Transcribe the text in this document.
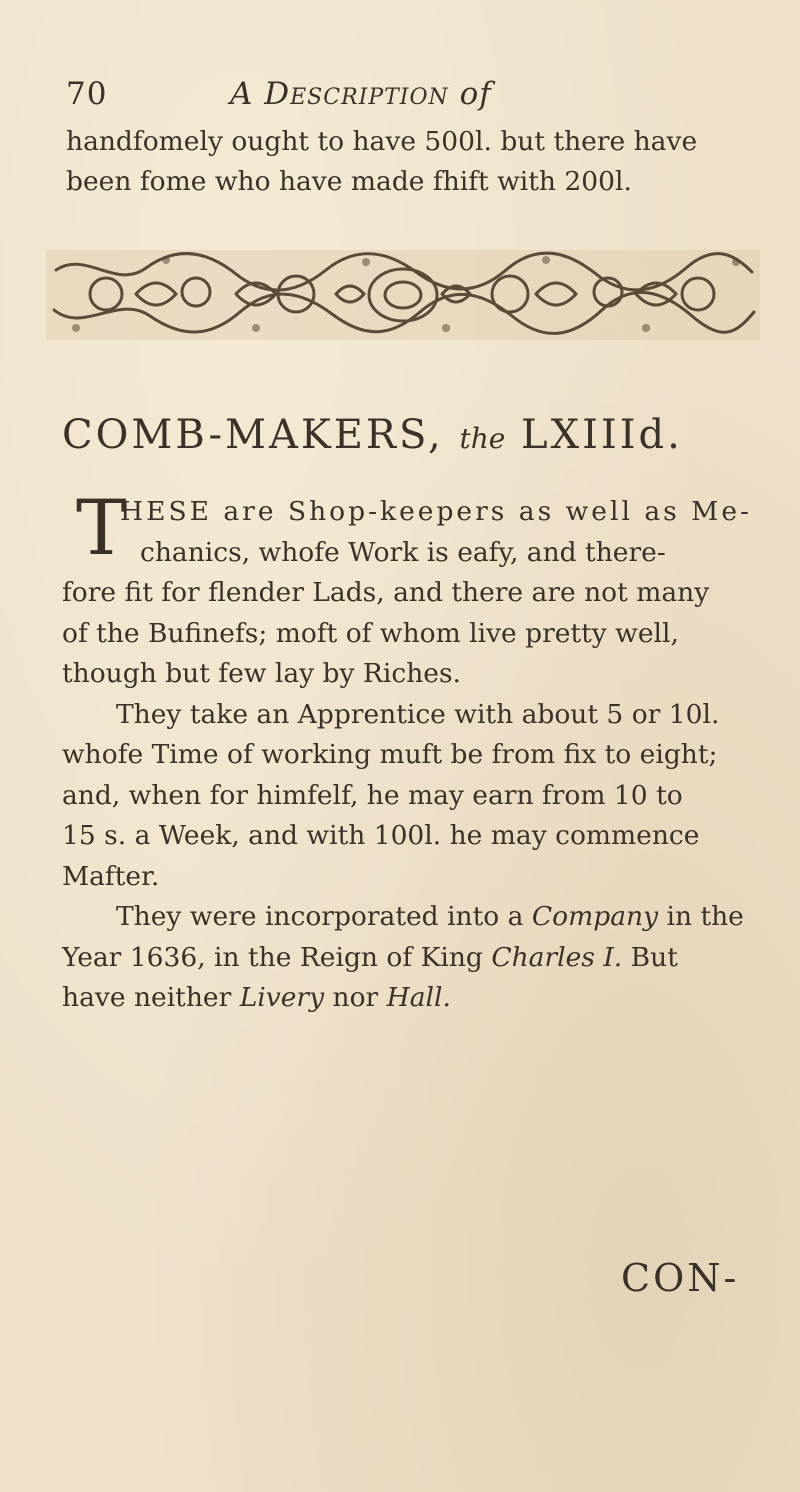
70	A Description of
handfomely ought to have 500l. but there have
been fome who have made fhift with 200l.
COMB-MAKERS, the LXIIId.
T
HESE are Shop-keepers as well as Me-
chanics, whofe Work is eafy, and there-
fore fit for flender Lads, and there are not many
of the Bufinefs; moft of whom live pretty well,
though but few lay by Riches.
They take an Apprentice with about 5 or 10l.
whofe Time of working muft be from fix to eight;
and, when for himfelf, he may earn from 10 to
15 s. a Week, and with 100l. he may commence
Mafter.
They were incorporated into a Company in the
Year 1636, in the Reign of King Charles I. But
have neither Livery nor Hall.
CON-
